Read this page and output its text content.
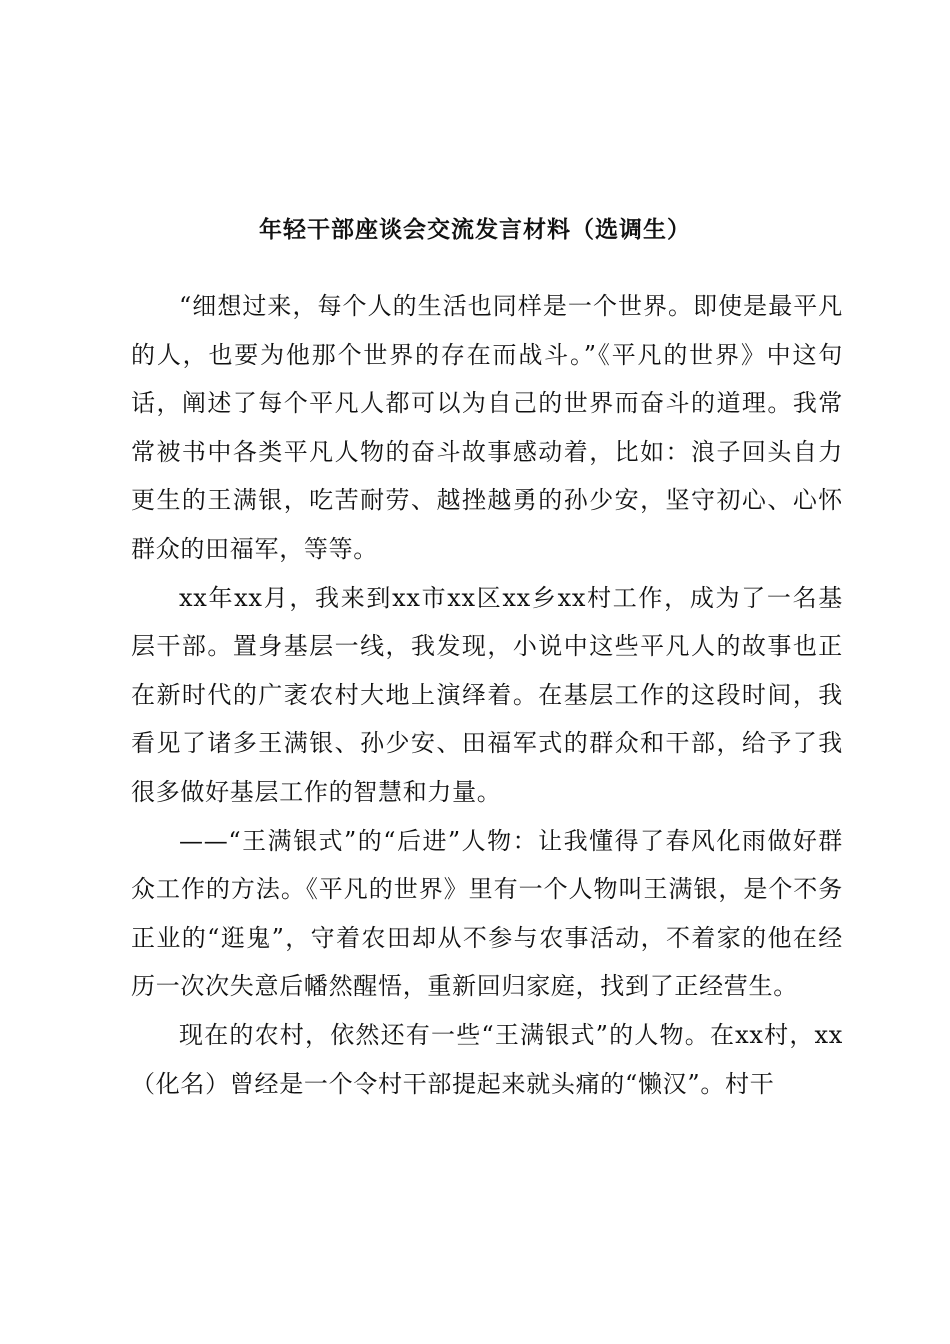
年轻干部座谈会交流发言材料（选调生）

“细想过来，每个人的生活也同样是一个世界。即使是最平凡的人，也要为他那个世界的存在而战斗。”《平凡的世界》中这句话，阐述了每个平凡人都可以为自己的世界而奋斗的道理。我常常被书中各类平凡人物的奋斗故事感动着，比如：浪子回头自力更生的王满银，吃苦耐劳、越挫越勇的孙少安，坚守初心、心怀群众的田福军，等等。

xx年xx月，我来到xx市xx区xx乡xx村工作，成为了一名基层干部。置身基层一线，我发现，小说中这些平凡人的故事也正在新时代的广袤农村大地上演绎着。在基层工作的这段时间，我看见了诸多王满银、孙少安、田福军式的群众和干部，给予了我很多做好基层工作的智慧和力量。

——“王满银式”的“后进”人物：让我懂得了春风化雨做好群众工作的方法。《平凡的世界》里有一个人物叫王满银，是个不务正业的“逛鬼”，守着农田却从不参与农事活动，不着家的他在经历一次次失意后幡然醒悟，重新回归家庭，找到了正经营生。

现在的农村，依然还有一些“王满银式”的人物。在xx村，xx（化名）曾经是一个令村干部提起来就头痛的“懒汉”。村干
